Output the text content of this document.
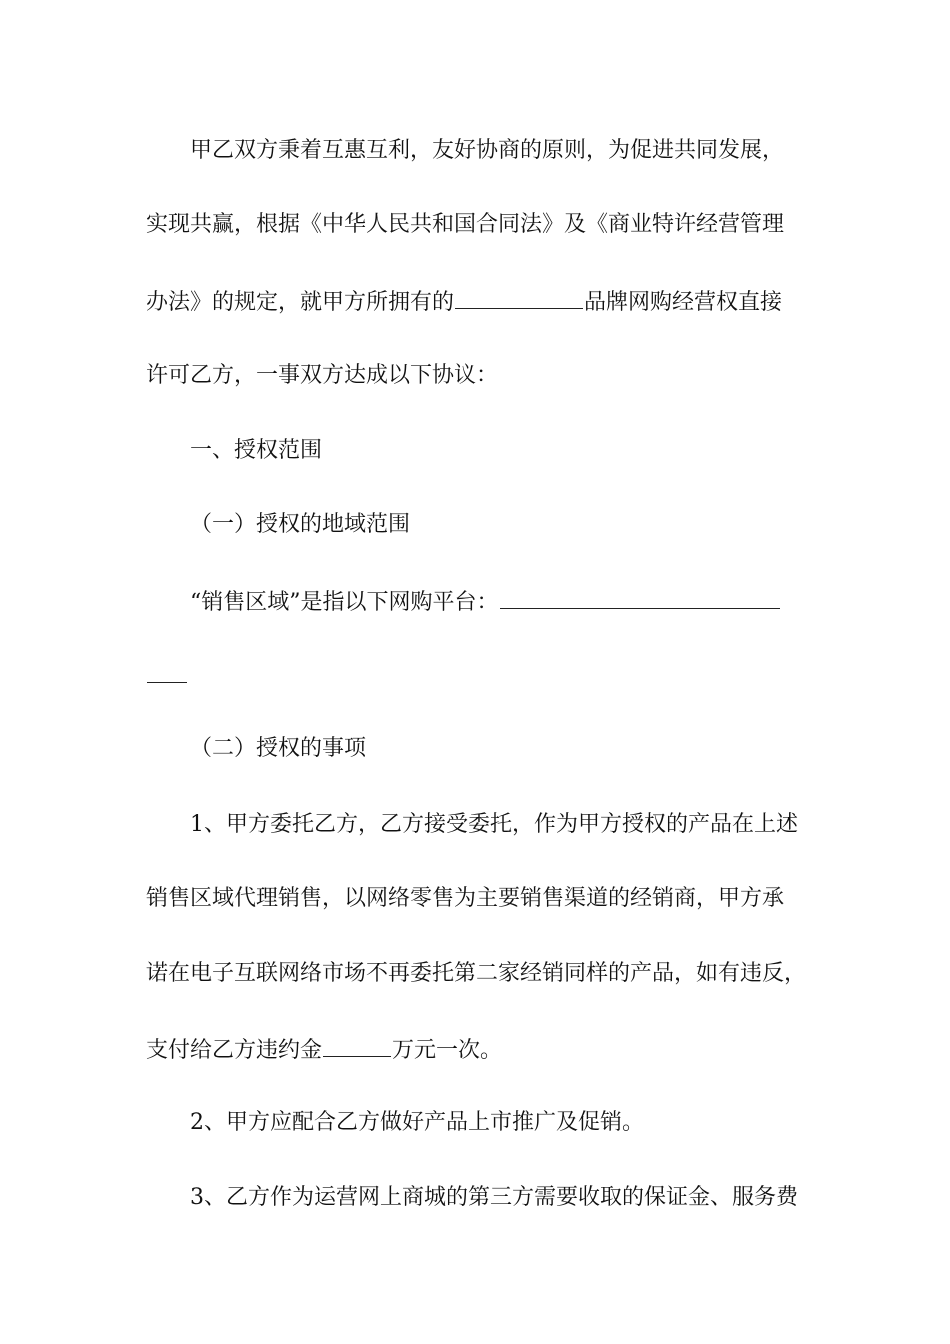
甲乙双方秉着互惠互利，友好协商的原则，为促进共同发展，
实现共赢，根据《中华人民共和国合同法》及《商业特许经营管理
办法》的规定，就甲方所拥有的	品牌网购经营权直接
许可乙方，一事双方达成以下协议：
一、授权范围
（一）授权的地域范围
“销售区域”是指以下网购平台：
（二）授权的事项
1、甲方委托乙方，乙方接受委托，作为甲方授权的产品在上述
销售区域代理销售，以网络零售为主要销售渠道的经销商，甲方承
诺在电子互联网络市场不再委托第二家经销同样的产品，如有违反，
支付给乙方违约金	万元一次。
2、甲方应配合乙方做好产品上市推广及促销。
3、乙方作为运营网上商城的第三方需要收取的保证金、服务费
